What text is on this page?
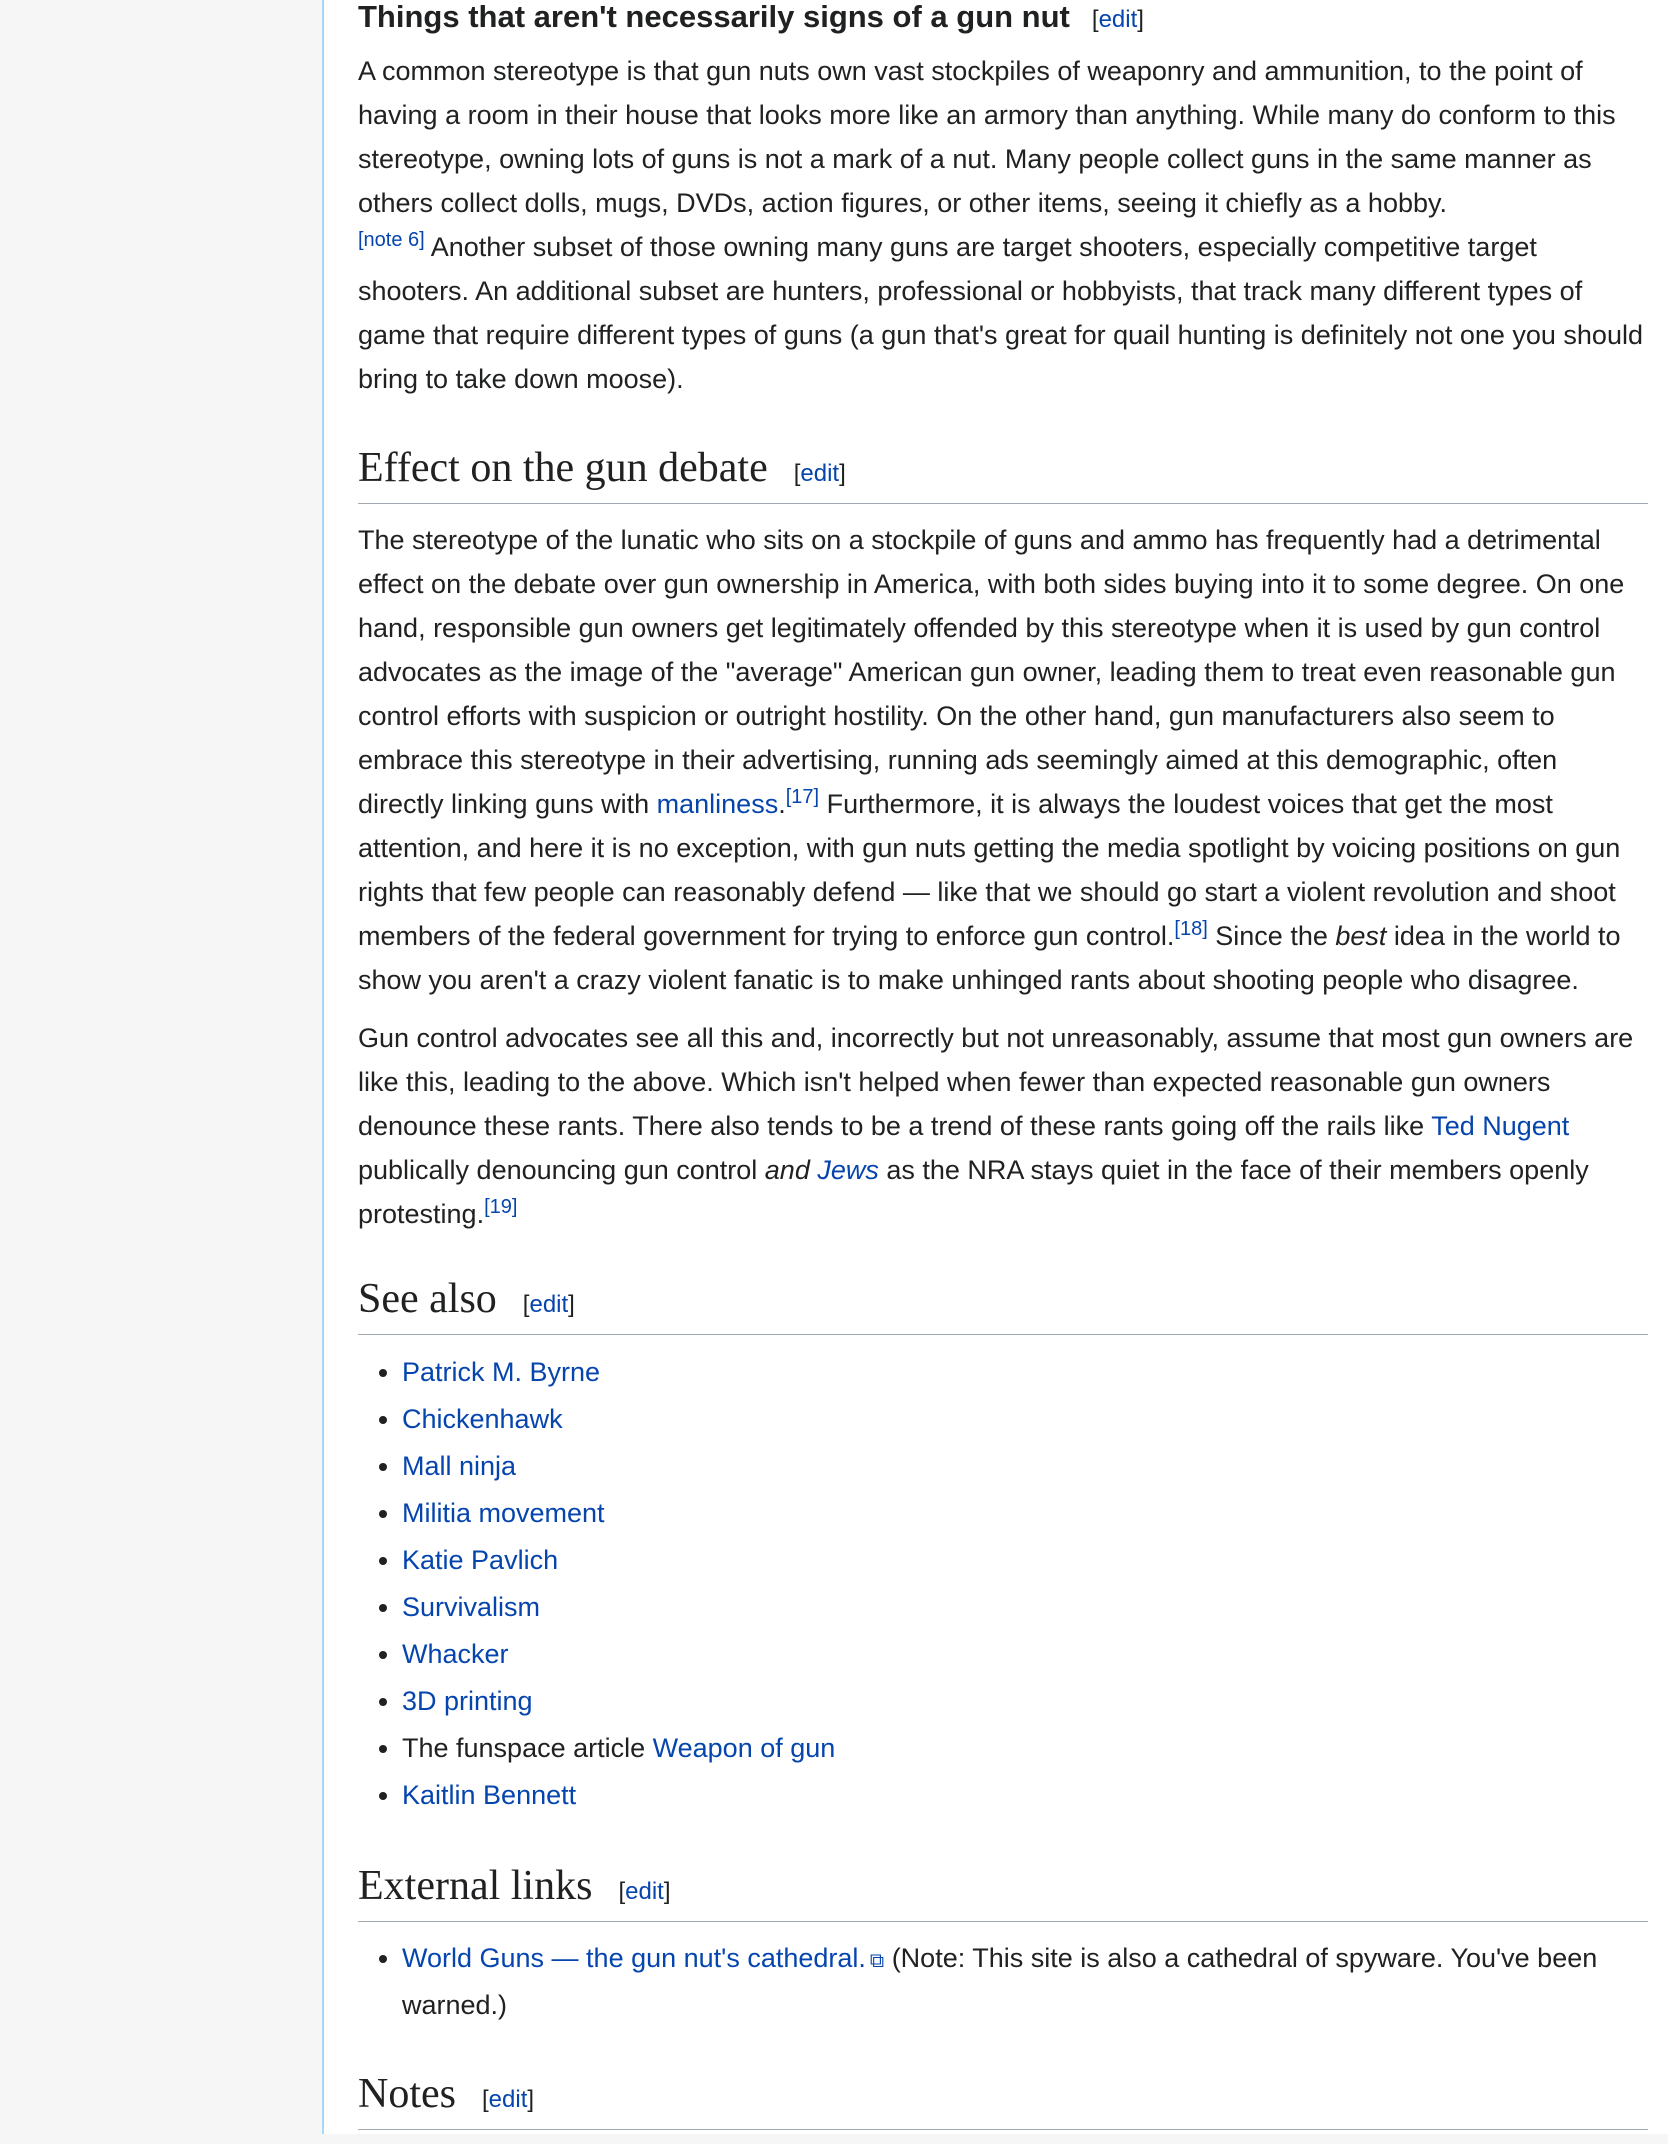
Things that aren't necessarily signs of a gun nut [edit]

A common stereotype is that gun nuts own vast stockpiles of weaponry and ammunition, to the point of having a room in their house that looks more like an armory than anything. While many do conform to this stereotype, owning lots of guns is not a mark of a nut. Many people collect guns in the same manner as others collect dolls, mugs, DVDs, action figures, or other items, seeing it chiefly as a hobby.
[note 6] Another subset of those owning many guns are target shooters, especially competitive target shooters. An additional subset are hunters, professional or hobbyists, that track many different types of game that require different types of guns (a gun that's great for quail hunting is definitely not one you should bring to take down moose).

Effect on the gun debate [edit]

The stereotype of the lunatic who sits on a stockpile of guns and ammo has frequently had a detrimental effect on the debate over gun ownership in America, with both sides buying into it to some degree. On one hand, responsible gun owners get legitimately offended by this stereotype when it is used by gun control advocates as the image of the "average" American gun owner, leading them to treat even reasonable gun control efforts with suspicion or outright hostility. On the other hand, gun manufacturers also seem to embrace this stereotype in their advertising, running ads seemingly aimed at this demographic, often directly linking guns with manliness.[17] Furthermore, it is always the loudest voices that get the most attention, and here it is no exception, with gun nuts getting the media spotlight by voicing positions on gun rights that few people can reasonably defend — like that we should go start a violent revolution and shoot members of the federal government for trying to enforce gun control.[18] Since the best idea in the world to show you aren't a crazy violent fanatic is to make unhinged rants about shooting people who disagree.

Gun control advocates see all this and, incorrectly but not unreasonably, assume that most gun owners are like this, leading to the above. Which isn't helped when fewer than expected reasonable gun owners denounce these rants. There also tends to be a trend of these rants going off the rails like Ted Nugent publically denouncing gun control and Jews as the NRA stays quiet in the face of their members openly protesting.[19]

See also [edit]
• Patrick M. Byrne
• Chickenhawk
• Mall ninja
• Militia movement
• Katie Pavlich
• Survivalism
• Whacker
• 3D printing
• The funspace article Weapon of gun
• Kaitlin Bennett
External links [edit]
• World Guns — the gun nut's cathedral. ⧉ (Note: This site is also a cathedral of spyware. You've been warned.)
Notes [edit]
